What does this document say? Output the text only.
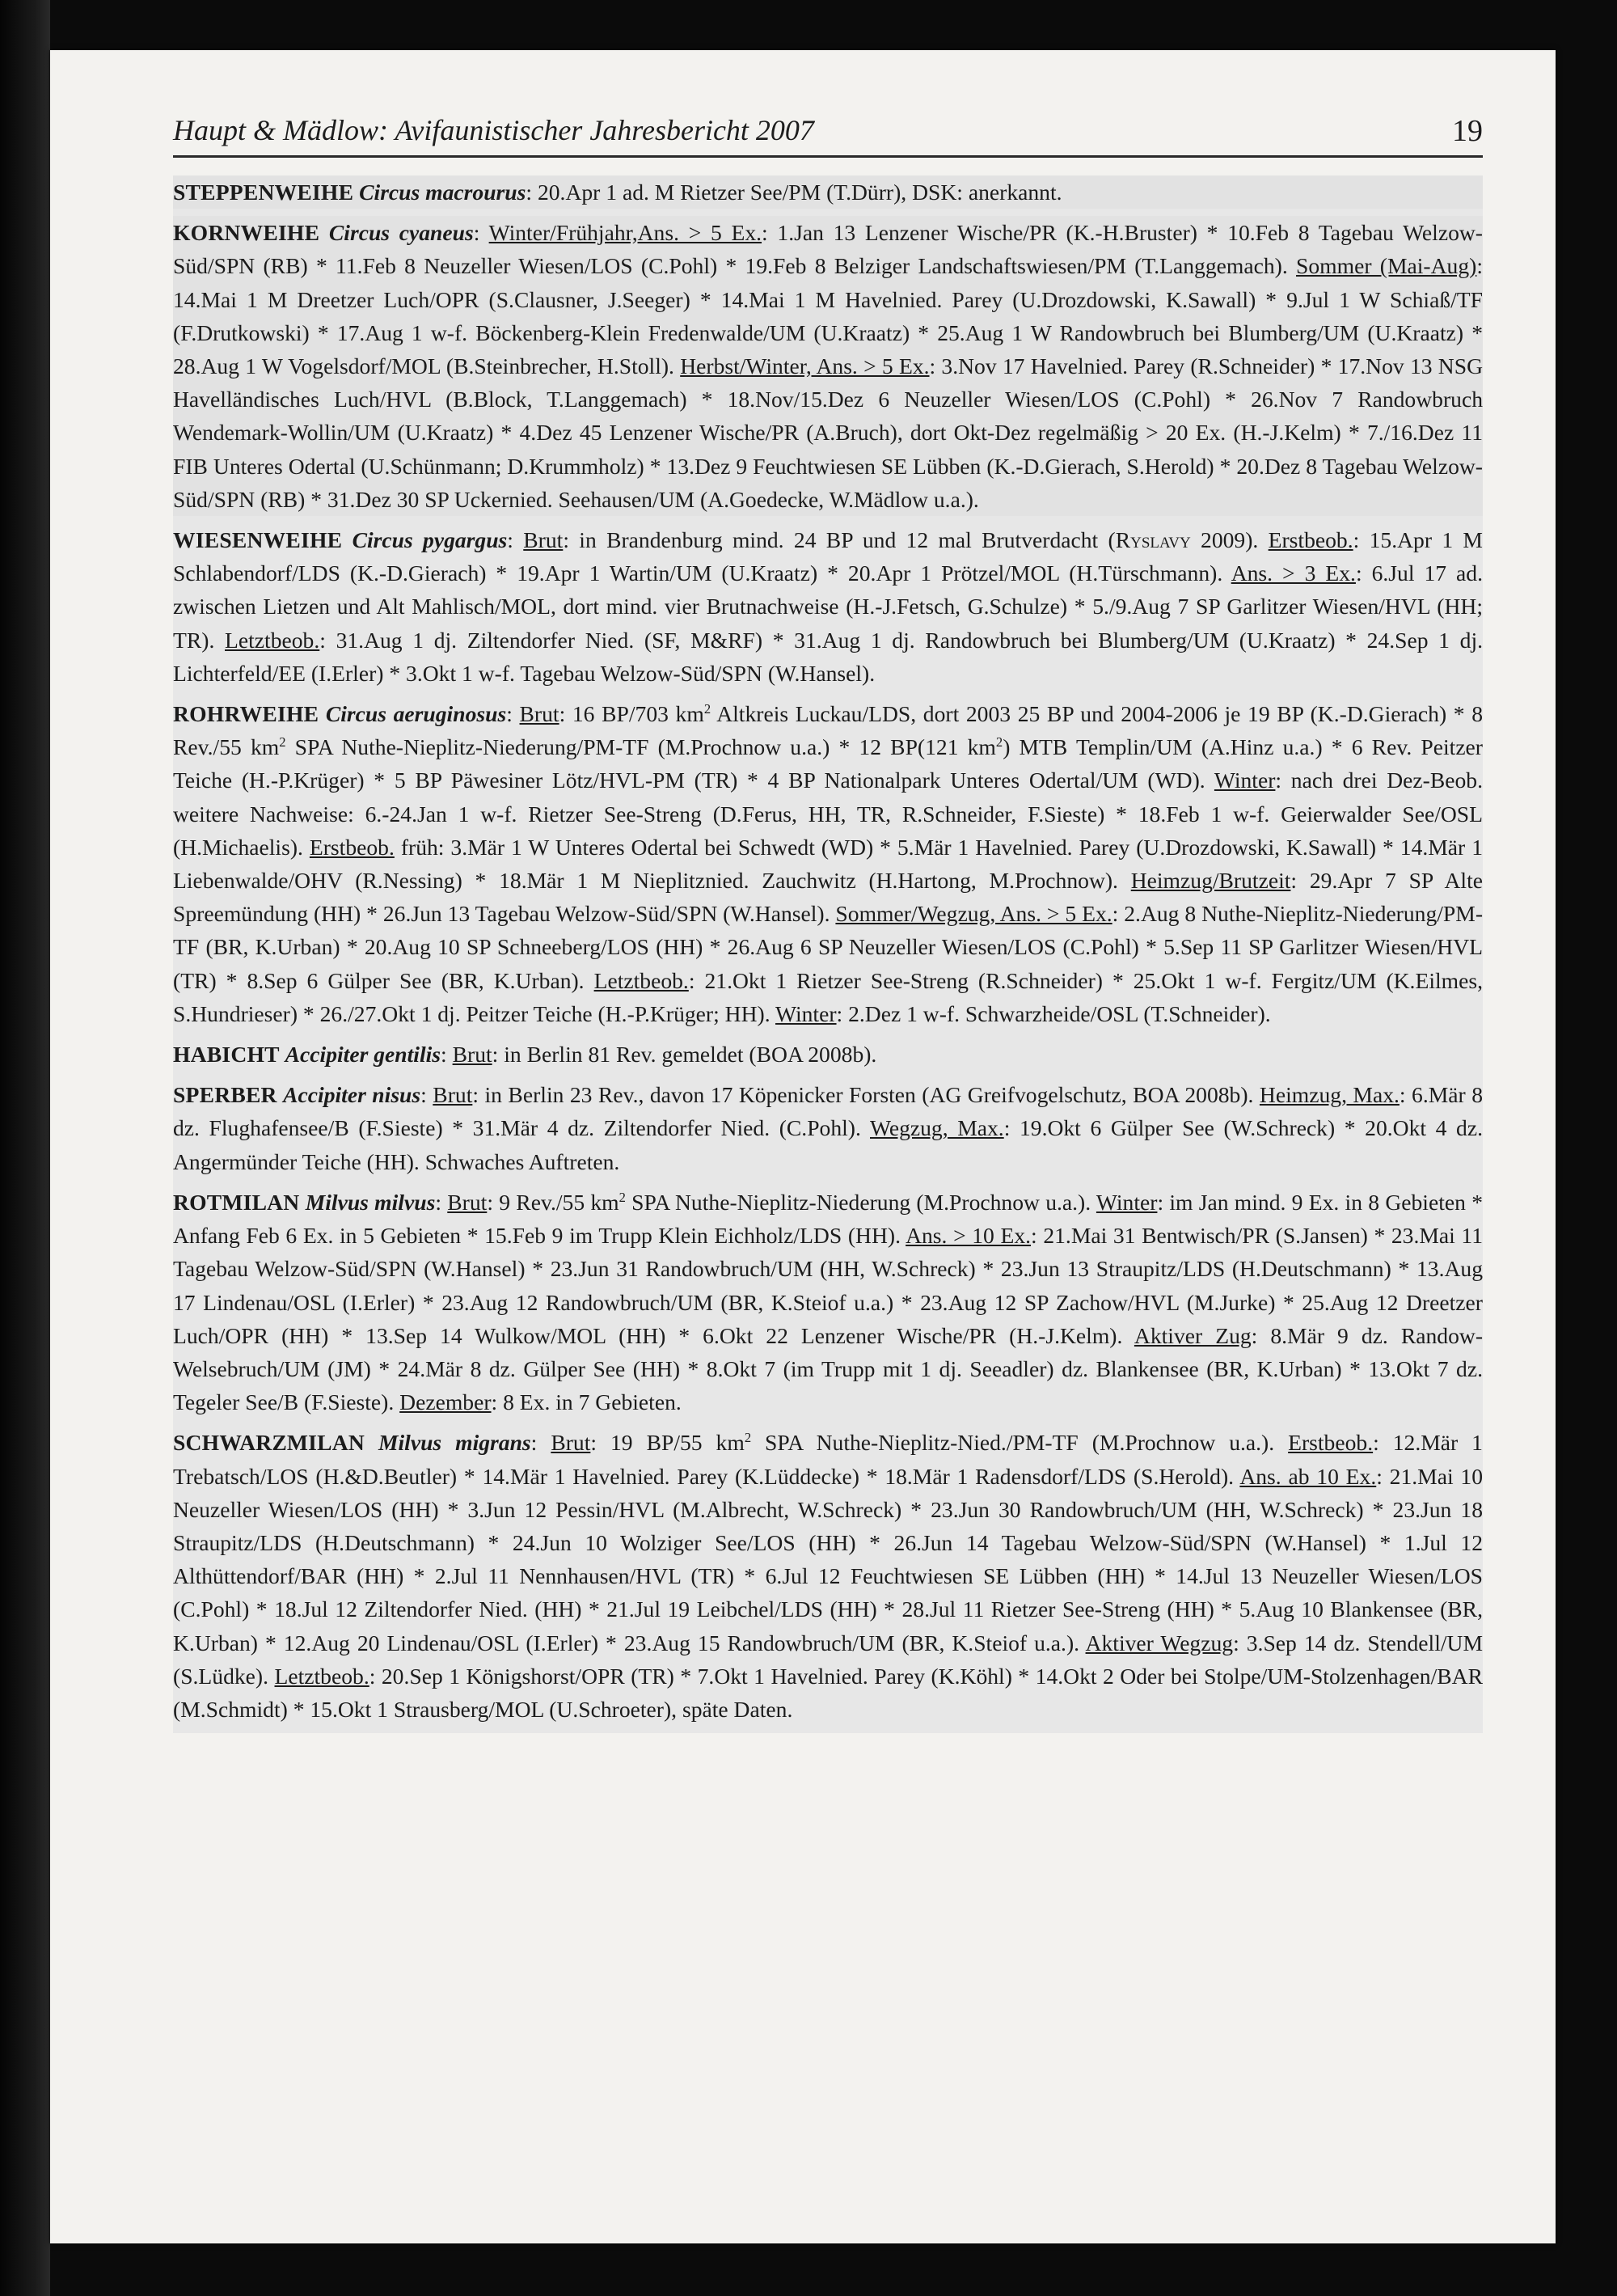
Haupt & Mädlow: Avifaunistischer Jahresbericht 2007	19
STEPPENWEIHE Circus macrourus: 20.Apr 1 ad. M Rietzer See/PM (T.Dürr), DSK: anerkannt.
KORNWEIHE Circus cyaneus: Winter/Frühjahr,Ans. > 5 Ex.: 1.Jan 13 Lenzener Wische/PR (K.-H.Bruster) * 10.Feb 8 Tagebau Welzow-Süd/SPN (RB) * 11.Feb 8 Neuzeller Wiesen/LOS (C.Pohl) * 19.Feb 8 Belziger Landschaftswiesen/PM (T.Langgemach). Sommer (Mai-Aug): 14.Mai 1 M Dreetzer Luch/OPR (S.Clausner, J.Seeger) * 14.Mai 1 M Havelnied. Parey (U.Drozdowski, K.Sawall) * 9.Jul 1 W Schiaß/TF (F.Drutkowski) * 17.Aug 1 w-f. Böckenberg-Klein Fredenwalde/UM (U.Kraatz) * 25.Aug 1 W Randowbruch bei Blumberg/UM (U.Kraatz) * 28.Aug 1 W Vogelsdorf/MOL (B.Steinbrecher, H.Stoll). Herbst/Winter, Ans. > 5 Ex.: 3.Nov 17 Havelnied. Parey (R.Schneider) * 17.Nov 13 NSG Havelländisches Luch/HVL (B.Block, T.Langgemach) * 18.Nov/15.Dez 6 Neuzeller Wiesen/LOS (C.Pohl) * 26.Nov 7 Randowbruch Wendemark-Wollin/UM (U.Kraatz) * 4.Dez 45 Lenzener Wische/PR (A.Bruch), dort Okt-Dez regelmäßig > 20 Ex. (H.-J.Kelm) * 7./16.Dez 11 FIB Unteres Odertal (U.Schünmann; D.Krummholz) * 13.Dez 9 Feuchtwiesen SE Lübben (K.-D.Gierach, S.Herold) * 20.Dez 8 Tagebau Welzow-Süd/SPN (RB) * 31.Dez 30 SP Uckernied. Seehausen/UM (A.Goedecke, W.Mädlow u.a.).
WIESENWEIHE Circus pygargus: Brut: in Brandenburg mind. 24 BP und 12 mal Brutverdacht (Ryslavy 2009). Erstbeob.: 15.Apr 1 M Schlabendorf/LDS (K.-D.Gierach) * 19.Apr 1 Wartin/UM (U.Kraatz) * 20.Apr 1 Prötzel/MOL (H.Türschmann). Ans. > 3 Ex.: 6.Jul 17 ad. zwischen Lietzen und Alt Mahlisch/MOL, dort mind. vier Brutnachweise (H.-J.Fetsch, G.Schulze) * 5./9.Aug 7 SP Garlitzer Wiesen/HVL (HH; TR). Letztbeob.: 31.Aug 1 dj. Ziltendorfer Nied. (SF, M&RF) * 31.Aug 1 dj. Randowbruch bei Blumberg/UM (U.Kraatz) * 24.Sep 1 dj. Lichterfeld/EE (I.Erler) * 3.Okt 1 w-f. Tagebau Welzow-Süd/SPN (W.Hansel).
ROHRWEIHE Circus aeruginosus: Brut: 16 BP/703 $km^2$ Altkreis Luckau/LDS, dort 2003 25 BP und 2004-2006 je 19 BP (K.-D.Gierach) * 8 Rev./55 $km^2$ SPA Nuthe-Nieplitz-Niederung/PM-TF (M.Prochnow u.a.) * 12 BP(121 $km^2$) MTB Templin/UM (A.Hinz u.a.) * 6 Rev. Peitzer Teiche (H.-P.Krüger) * 5 BP Päwesiner Lötz/HVL-PM (TR) * 4 BP Nationalpark Unteres Odertal/UM (WD). Winter: nach drei Dez-Beob. weitere Nachweise: 6.-24.Jan 1 w-f. Rietzer See-Streng (D.Ferus, HH, TR, R.Schneider, F.Sieste) * 18.Feb 1 w-f. Geierwalder See/OSL (H.Michaelis). Erstbeob. früh: 3.Mär 1 W Unteres Odertal bei Schwedt (WD) * 5.Mär 1 Havelnied. Parey (U.Drozdowski, K.Sawall) * 14.Mär 1 Liebenwalde/OHV (R.Nessing) * 18.Mär 1 M Nieplitznied. Zauchwitz (H.Hartong, M.Prochnow). Heimzug/Brutzeit: 29.Apr 7 SP Alte Spreemündung (HH) * 26.Jun 13 Tagebau Welzow-Süd/SPN (W.Hansel). Sommer/Wegzug, Ans. > 5 Ex.: 2.Aug 8 Nuthe-Nieplitz-Niederung/PM-TF (BR, K.Urban) * 20.Aug 10 SP Schneeberg/LOS (HH) * 26.Aug 6 SP Neuzeller Wiesen/LOS (C.Pohl) * 5.Sep 11 SP Garlitzer Wiesen/HVL (TR) * 8.Sep 6 Gülper See (BR, K.Urban). Letztbeob.: 21.Okt 1 Rietzer See-Streng (R.Schneider) * 25.Okt 1 w-f. Fergitz/UM (K.Eilmes, S.Hundrieser) * 26./27.Okt 1 dj. Peitzer Teiche (H.-P.Krüger; HH). Winter: 2.Dez 1 w-f. Schwarzheide/OSL (T.Schneider).
HABICHT Accipiter gentilis: Brut: in Berlin 81 Rev. gemeldet (BOA 2008b).
SPERBER Accipiter nisus: Brut: in Berlin 23 Rev., davon 17 Köpenicker Forsten (AG Greifvogelschutz, BOA 2008b). Heimzug, Max.: 6.Mär 8 dz. Flughafensee/B (F.Sieste) * 31.Mär 4 dz. Ziltendorfer Nied. (C.Pohl). Wegzug, Max.: 19.Okt 6 Gülper See (W.Schreck) * 20.Okt 4 dz. Angermünder Teiche (HH). Schwaches Auftreten.
ROTMILAN Milvus milvus: Brut: 9 Rev./55 $km^2$ SPA Nuthe-Nieplitz-Niederung (M.Prochnow u.a.). Winter: im Jan mind. 9 Ex. in 8 Gebieten * Anfang Feb 6 Ex. in 5 Gebieten * 15.Feb 9 im Trupp Klein Eichholz/LDS (HH). Ans. > 10 Ex.: 21.Mai 31 Bentwisch/PR (S.Jansen) * 23.Mai 11 Tagebau Welzow-Süd/SPN (W.Hansel) * 23.Jun 31 Randowbruch/UM (HH, W.Schreck) * 23.Jun 13 Straupitz/LDS (H.Deutschmann) * 13.Aug 17 Lindenau/OSL (I.Erler) * 23.Aug 12 Randowbruch/UM (BR, K.Steiof u.a.) * 23.Aug 12 SP Zachow/HVL (M.Jurke) * 25.Aug 12 Dreetzer Luch/OPR (HH) * 13.Sep 14 Wulkow/MOL (HH) * 6.Okt 22 Lenzener Wische/PR (H.-J.Kelm). Aktiver Zug: 8.Mär 9 dz. Randow-Welsebruch/UM (JM) * 24.Mär 8 dz. Gülper See (HH) * 8.Okt 7 (im Trupp mit 1 dj. Seeadler) dz. Blankensee (BR, K.Urban) * 13.Okt 7 dz. Tegeler See/B (F.Sieste). Dezember: 8 Ex. in 7 Gebieten.
SCHWARZMILAN Milvus migrans: Brut: 19 BP/55 $km^2$ SPA Nuthe-Nieplitz-Nied./PM-TF (M.Prochnow u.a.). Erstbeob.: 12.Mär 1 Trebatsch/LOS (H.&D.Beutler) * 14.Mär 1 Havelnied. Parey (K.Lüddecke) * 18.Mär 1 Radensdorf/LDS (S.Herold). Ans. ab 10 Ex.: 21.Mai 10 Neuzeller Wiesen/LOS (HH) * 3.Jun 12 Pessin/HVL (M.Albrecht, W.Schreck) * 23.Jun 30 Randowbruch/UM (HH, W.Schreck) * 23.Jun 18 Straupitz/LDS (H.Deutschmann) * 24.Jun 10 Wolziger See/LOS (HH) * 26.Jun 14 Tagebau Welzow-Süd/SPN (W.Hansel) * 1.Jul 12 Althüttendorf/BAR (HH) * 2.Jul 11 Nennhausen/HVL (TR) * 6.Jul 12 Feuchtwiesen SE Lübben (HH) * 14.Jul 13 Neuzeller Wiesen/LOS (C.Pohl) * 18.Jul 12 Ziltendorfer Nied. (HH) * 21.Jul 19 Leibchel/LDS (HH) * 28.Jul 11 Rietzer See-Streng (HH) * 5.Aug 10 Blankensee (BR, K.Urban) * 12.Aug 20 Lindenau/OSL (I.Erler) * 23.Aug 15 Randowbruch/UM (BR, K.Steiof u.a.). Aktiver Wegzug: 3.Sep 14 dz. Stendell/UM (S.Lüdke). Letztbeob.: 20.Sep 1 Königshorst/OPR (TR) * 7.Okt 1 Havelnied. Parey (K.Köhl) * 14.Okt 2 Oder bei Stolpe/UM-Stolzenhagen/BAR (M.Schmidt) * 15.Okt 1 Strausberg/MOL (U.Schroeter), späte Daten.
